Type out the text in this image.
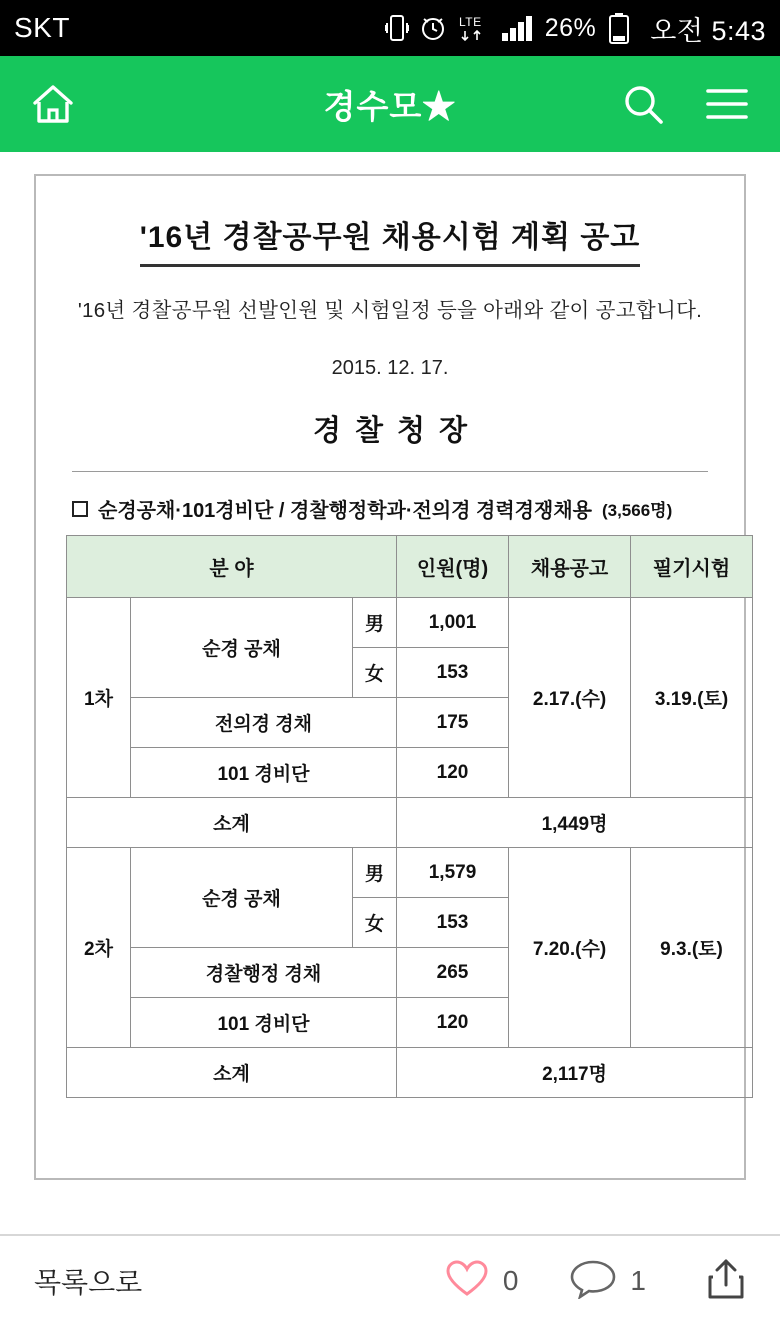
SKT	LTE	26% 오전 5:43
경수모★
'16년 경찰공무원 채용시험 계획 공고
'16년 경찰공무원 선발인원 및 시험일정 등을 아래와 같이 공고합니다.
2015. 12. 17.
경찰청장
순경공채·101경비단 / 경찰행정학과·전의경 경력경쟁채용 (3,566명)
분 야			인원(명)	채용공고	필기시험
1차	순경 공채	男	1,001	2.17.(수)	3.19.(토)
		女	153		
	전의경 경채		175		
	101 경비단		120		
소계			1,449명		
2차	순경 공채	男	1,579	7.20.(수)	9.3.(토)
		女	153		
	경찰행정 경채		265		
	101 경비단		120		
소계			2,117명		
목록으로	0	1
